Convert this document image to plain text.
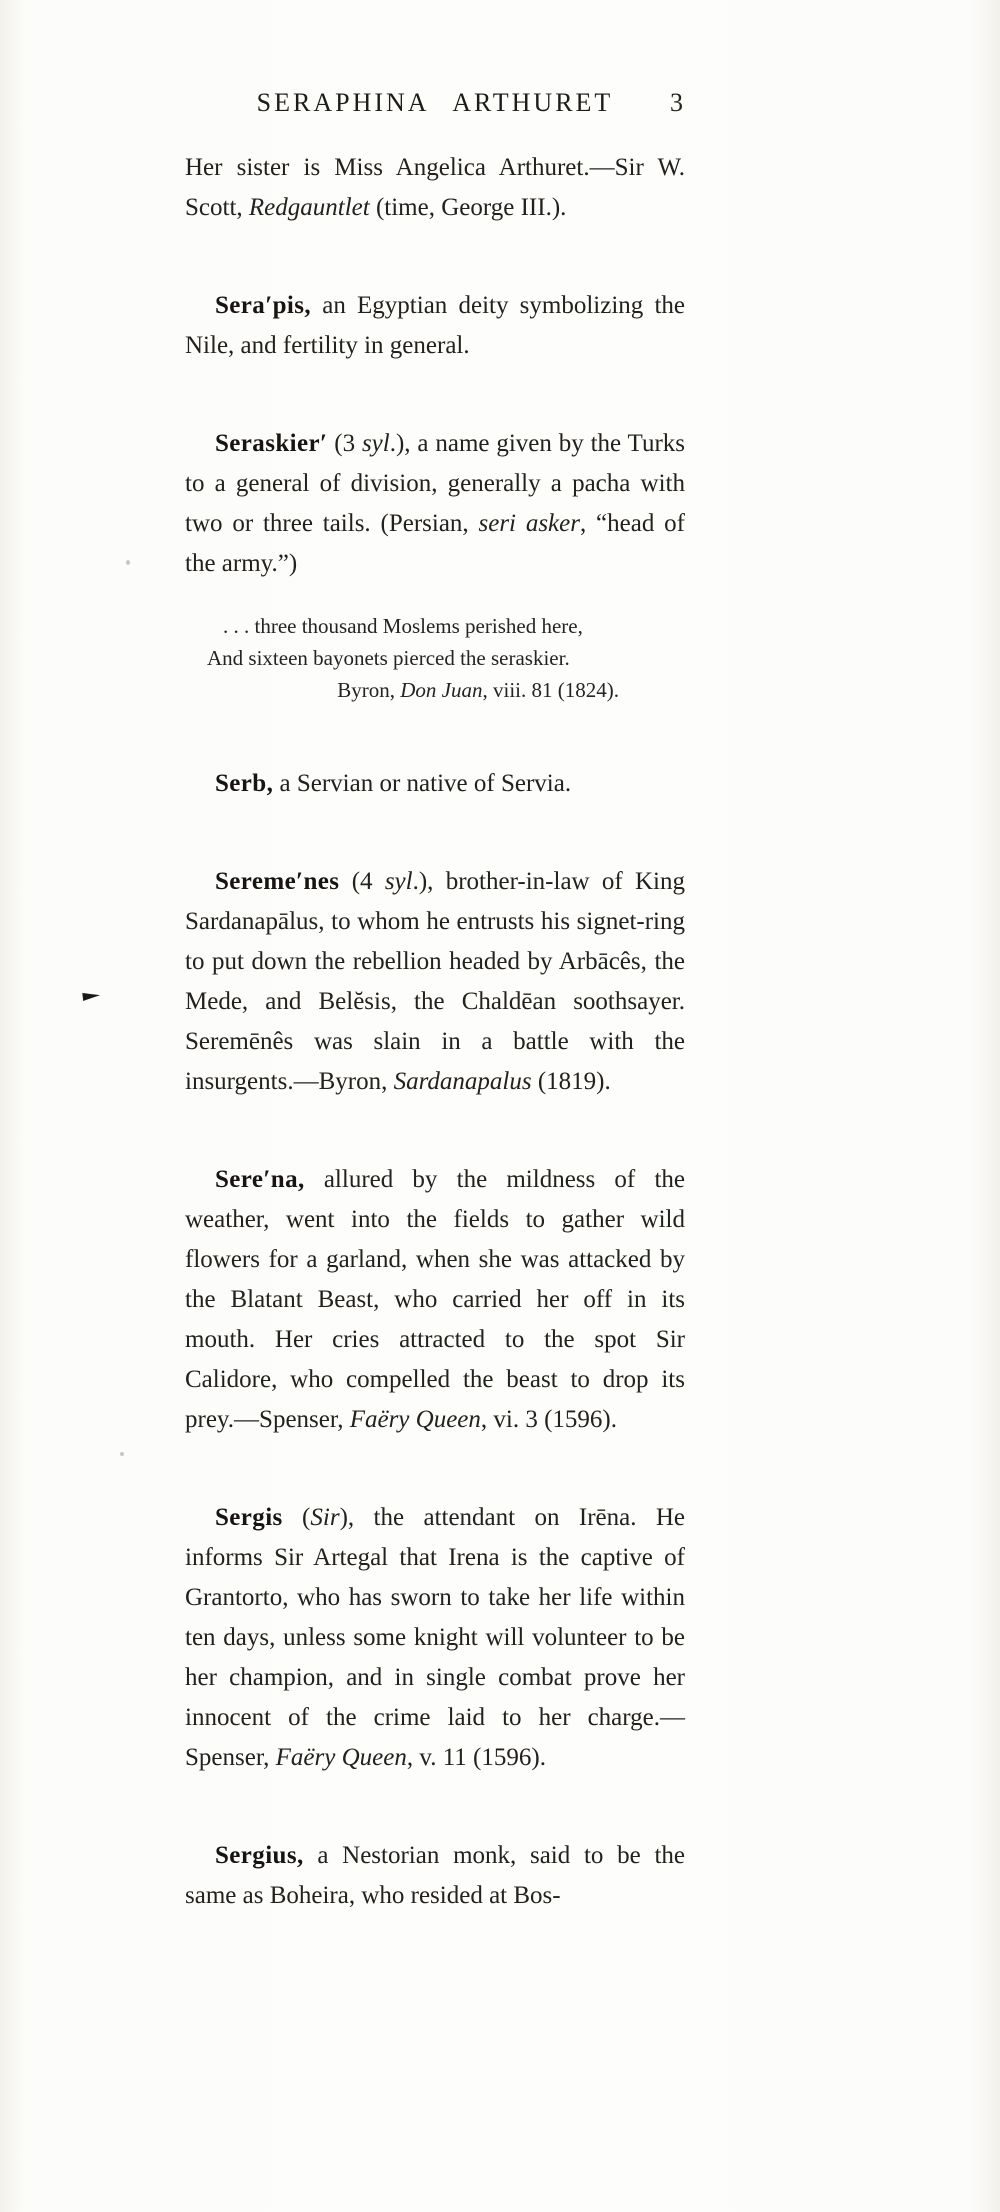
►
SERAPHINA ARTHURET	3

Her sister is Miss Angelica Arthuret.—Sir W. Scott, Redgauntlet (time, George III.).

Sera′pis, an Egyptian deity symbolizing the Nile, and fertility in general.

Seraskier′ (3 syl.), a name given by the Turks to a general of division, generally a pacha with two or three tails. (Persian, seri asker, “head of the army.”)

. . . three thousand Moslems perished here,
And sixteen bayonets pierced the seraskier.
Byron, Don Juan, viii. 81 (1824).

Serb, a Servian or native of Servia.

Sereme′nes (4 syl.), brother-in-law of King Sardanapālus, to whom he entrusts his signet-ring to put down the rebellion headed by Arbācês, the Mede, and Belĕsis, the Chaldēan soothsayer. Seremēnês was slain in a battle with the insurgents.—Byron, Sardanapalus (1819).

Sere′na, allured by the mildness of the weather, went into the fields to gather wild flowers for a garland, when she was attacked by the Blatant Beast, who carried her off in its mouth. Her cries attracted to the spot Sir Calidore, who compelled the beast to drop its prey.—Spenser, Faëry Queen, vi. 3 (1596).

Sergis (Sir), the attendant on Irēna. He informs Sir Artegal that Irena is the captive of Grantorto, who has sworn to take her life within ten days, unless some knight will volunteer to be her champion, and in single combat prove her innocent of the crime laid to her charge.—Spenser, Faëry Queen, v. 11 (1596).

Sergius, a Nestorian monk, said to be the same as Boheira, who resided at Bos-
